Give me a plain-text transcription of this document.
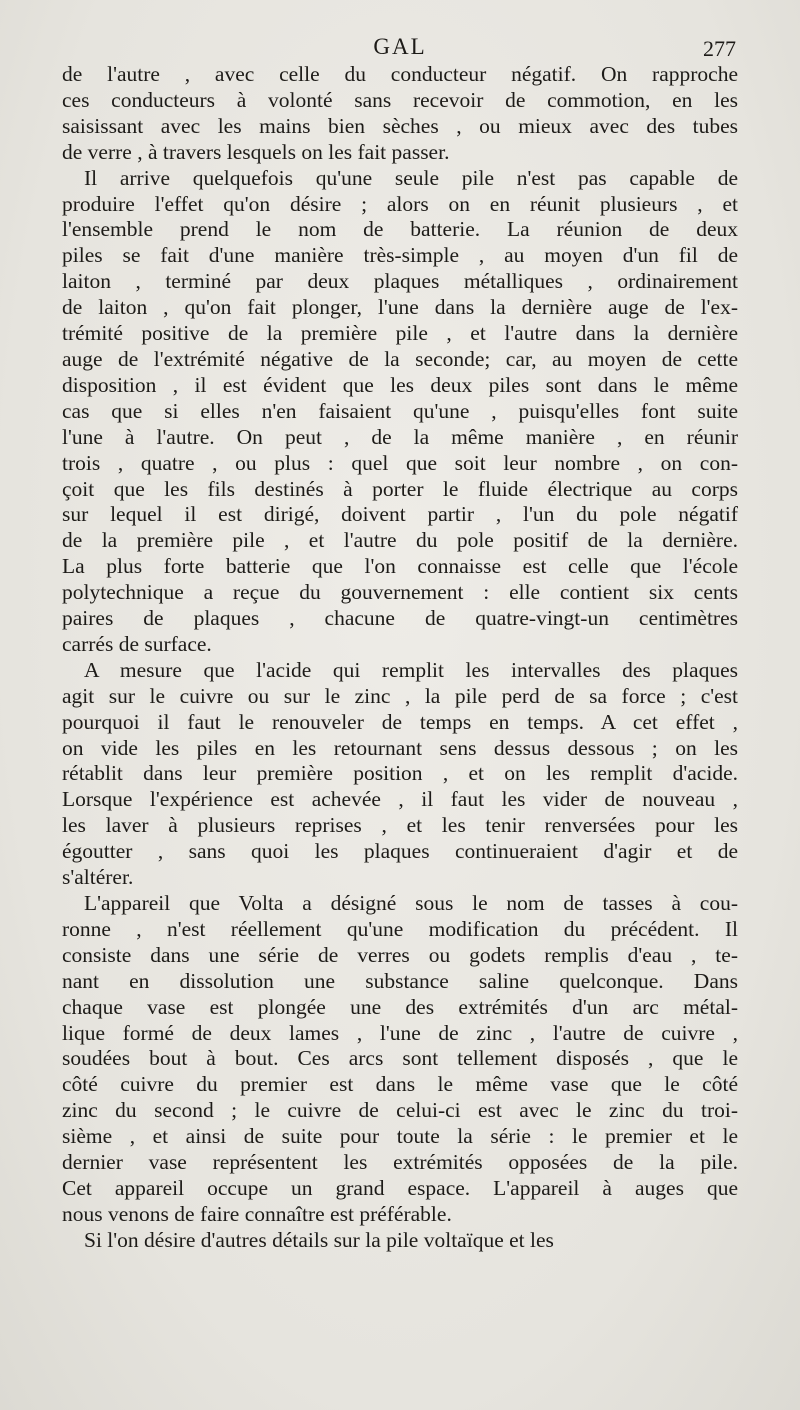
GAL	277
de l'autre , avec celle du conducteur négatif. On rapproche
ces conducteurs à volonté sans recevoir de commotion, en les
saisissant avec les mains bien sèches , ou mieux avec des tubes
de verre , à travers lesquels on les fait passer.
Il arrive quelquefois qu'une seule pile n'est pas capable de
produire l'effet qu'on désire ; alors on en réunit plusieurs , et
l'ensemble prend le nom de batterie. La réunion de deux
piles se fait d'une manière très-simple , au moyen d'un fil de
laiton , terminé par deux plaques métalliques , ordinairement
de laiton , qu'on fait plonger, l'une dans la dernière auge de l'ex-
trémité positive de la première pile , et l'autre dans la dernière
auge de l'extrémité négative de la seconde; car, au moyen de cette
disposition , il est évident que les deux piles sont dans le même
cas que si elles n'en faisaient qu'une , puisqu'elles font suite
l'une à l'autre. On peut , de la même manière , en réunir
trois , quatre , ou plus : quel que soit leur nombre , on con-
çoit que les fils destinés à porter le fluide électrique au corps
sur lequel il est dirigé, doivent partir , l'un du pole négatif
de la première pile , et l'autre du pole positif de la dernière.
La plus forte batterie que l'on connaisse est celle que l'école
polytechnique a reçue du gouvernement : elle contient six cents
paires de plaques , chacune de quatre-vingt-un centimètres
carrés de surface.
A mesure que l'acide qui remplit les intervalles des plaques
agit sur le cuivre ou sur le zinc , la pile perd de sa force ; c'est
pourquoi il faut le renouveler de temps en temps. A cet effet ,
on vide les piles en les retournant sens dessus dessous ; on les
rétablit dans leur première position , et on les remplit d'acide.
Lorsque l'expérience est achevée , il faut les vider de nouveau ,
les laver à plusieurs reprises , et les tenir renversées pour les
égoutter , sans quoi les plaques continueraient d'agir et de
s'altérer.
L'appareil que Volta a désigné sous le nom de tasses à cou-
ronne , n'est réellement qu'une modification du précédent. Il
consiste dans une série de verres ou godets remplis d'eau , te-
nant en dissolution une substance saline quelconque. Dans
chaque vase est plongée une des extrémités d'un arc métal-
lique formé de deux lames , l'une de zinc , l'autre de cuivre ,
soudées bout à bout. Ces arcs sont tellement disposés , que le
côté cuivre du premier est dans le même vase que le côté
zinc du second ; le cuivre de celui-ci est avec le zinc du troi-
sième , et ainsi de suite pour toute la série : le premier et le
dernier vase représentent les extrémités opposées de la pile.
Cet appareil occupe un grand espace. L'appareil à auges que
nous venons de faire connaître est préférable.
Si l'on désire d'autres détails sur la pile voltaïque et les
